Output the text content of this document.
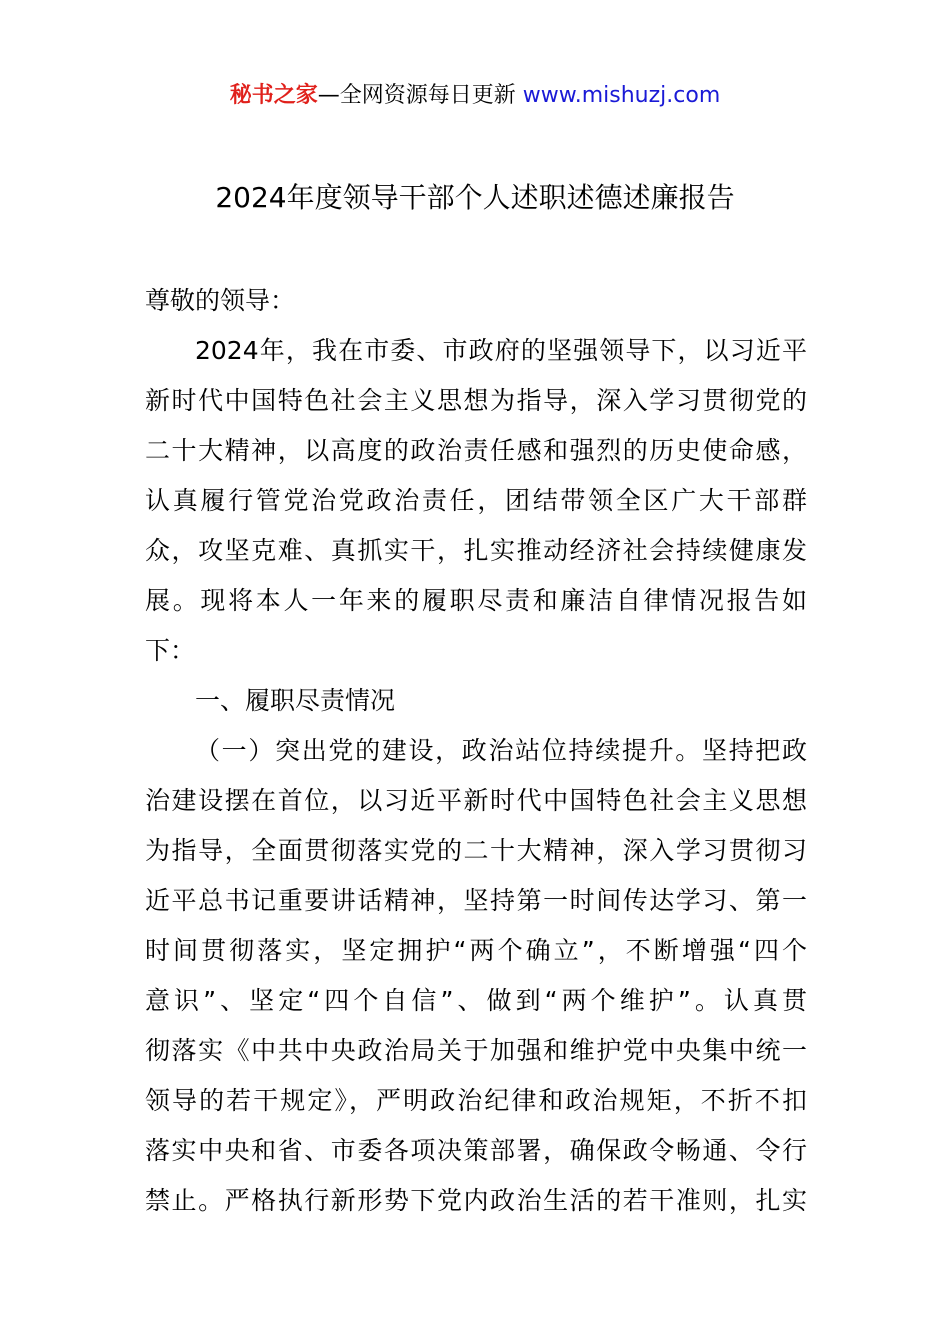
秘书之家—全网资源每日更新 www.mishuzj.com
2024年度领导干部个人述职述德述廉报告
尊敬的领导：
2024年，我在市委、市政府的坚强领导下，以习近平
新时代中国特色社会主义思想为指导，深入学习贯彻党的
二十大精神，以高度的政治责任感和强烈的历史使命感，
认真履行管党治党政治责任，团结带领全区广大干部群
众，攻坚克难、真抓实干，扎实推动经济社会持续健康发
展。现将本人一年来的履职尽责和廉洁自律情况报告如
下：
一、履职尽责情况
（一）突出党的建设，政治站位持续提升。坚持把政
治建设摆在首位，以习近平新时代中国特色社会主义思想
为指导，全面贯彻落实党的二十大精神，深入学习贯彻习
近平总书记重要讲话精神，坚持第一时间传达学习、第一
时间贯彻落实，坚定拥护“两个确立”，不断增强“四个
意识”、坚定“四个自信”、做到“两个维护”。认真贯
彻落实《中共中央政治局关于加强和维护党中央集中统一
领导的若干规定》，严明政治纪律和政治规矩，不折不扣
落实中央和省、市委各项决策部署，确保政令畅通、令行
禁止。严格执行新形势下党内政治生活的若干准则，扎实
